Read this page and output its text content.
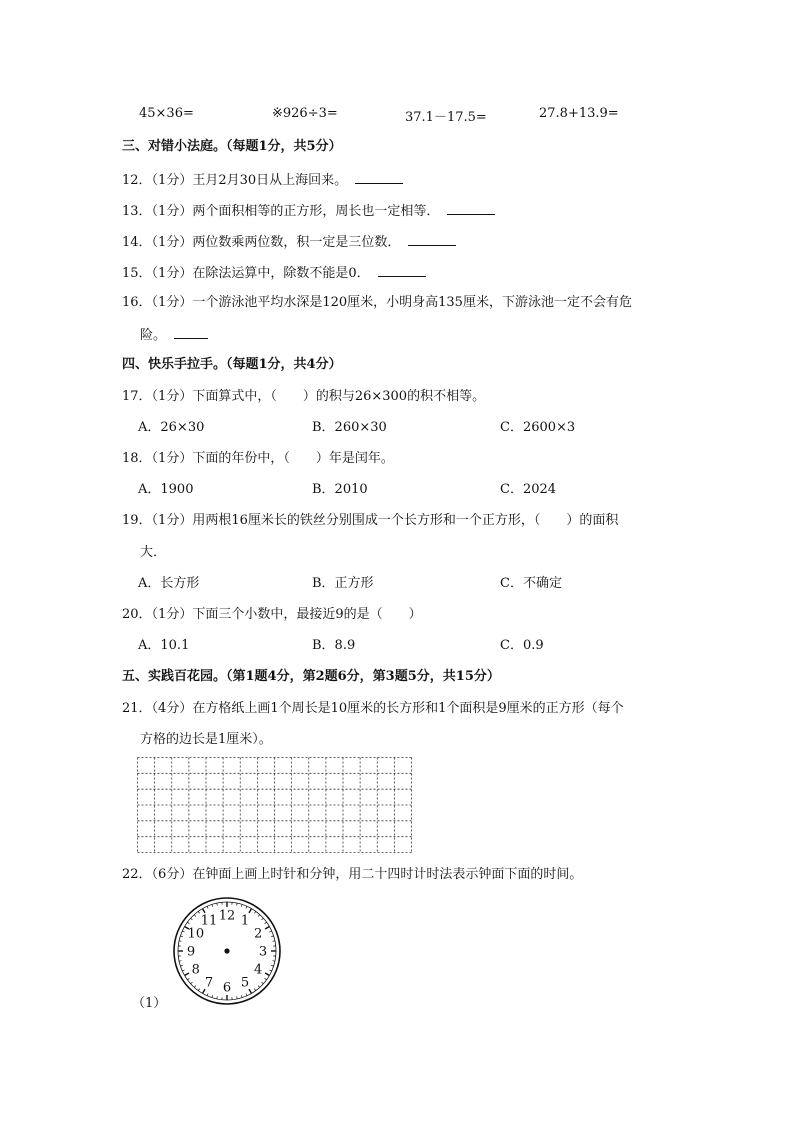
45×36=	※926÷3=	37.1－17.5=	27.8+13.9=
三、对错小法庭。（每题1分，共5分）
12．（1分）王月2月30日从上海回来。
13．（1分）两个面积相等的正方形，周长也一定相等．
14．（1分）两位数乘两位数，积一定是三位数．
15．（1分）在除法运算中，除数不能是0．
16．（1分）一个游泳池平均水深是120厘米，小明身高135厘米，下游泳池一定不会有危
险。
四、快乐手拉手。（每题1分，共4分）
17．（1分）下面算式中，（　　）的积与26×300的积不相等。
A．26×30	B．260×30	C．2600×3
18．（1分）下面的年份中，（　　）年是闰年。
A．1900	B．2010	C．2024
19．（1分）用两根16厘米长的铁丝分别围成一个长方形和一个正方形，（　　）的面积
大．
A．长方形	B．正方形	C．不确定
20．（1分）下面三个小数中，最接近9的是（　　）
A．10.1	B．8.9	C．0.9
五、实践百花园。（第1题4分，第2题6分，第3题5分，共15分）
21．（4分）在方格纸上画1个周长是10厘米的长方形和1个面积是9厘米的正方形（每个
方格的边长是1厘米）。
22．（6分）在钟面上画上时针和分钟，用二十四时计时法表示钟面下面的时间。
12 1
2
3
4
5
6
7
8
9
10
11
（1）
